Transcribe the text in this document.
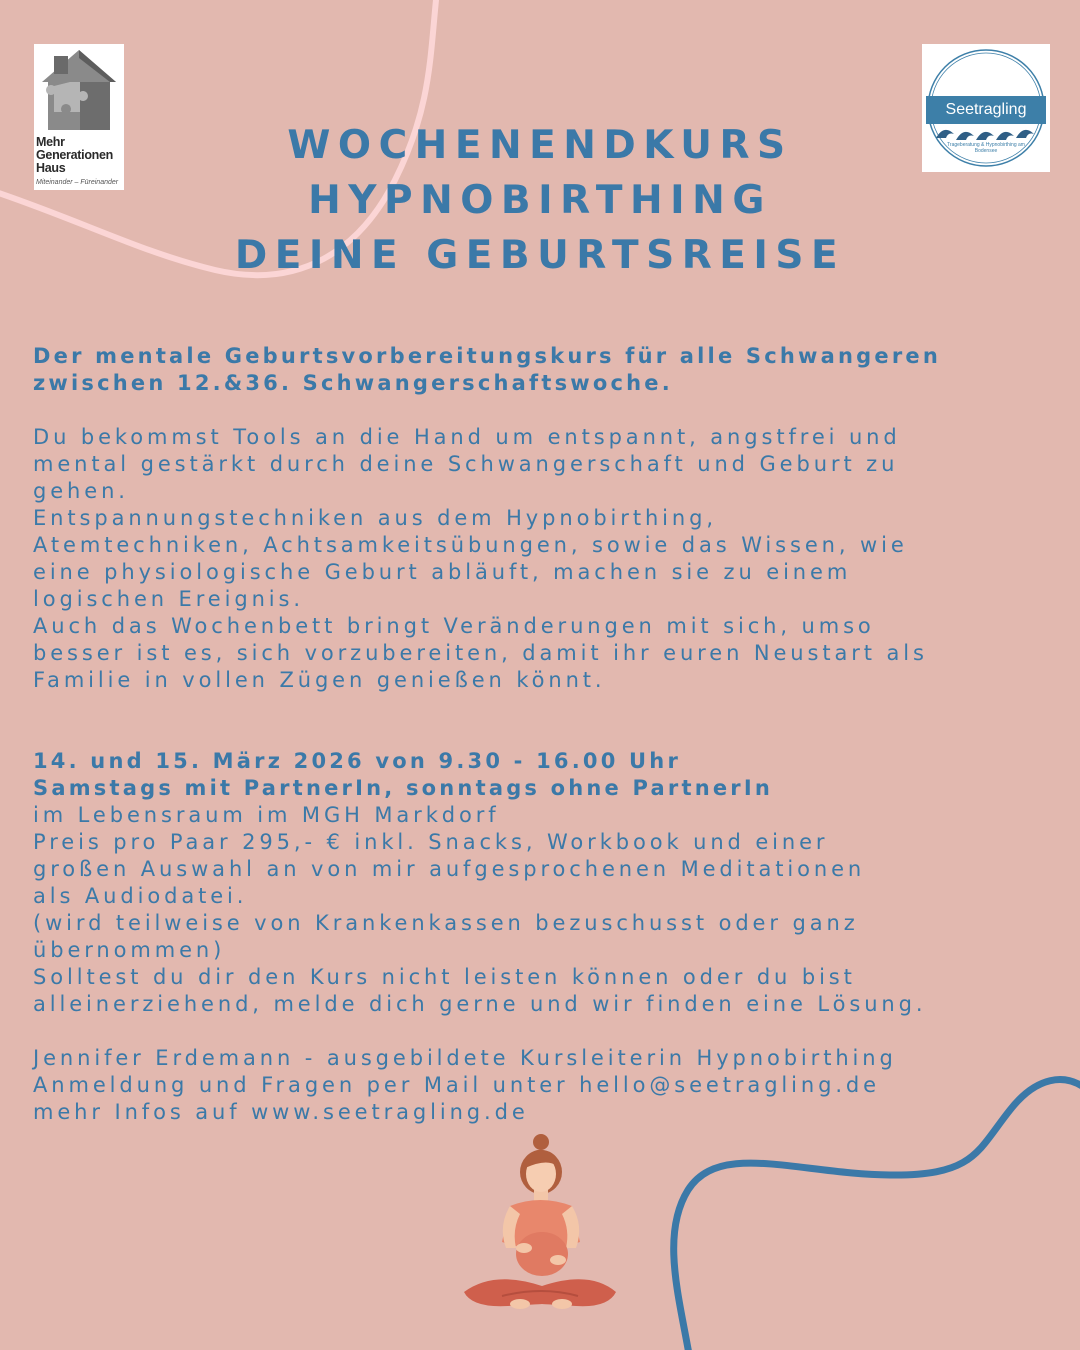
Mehr
Generationen
Haus
Miteinander – Füreinander
Seetragling
Trageberatung & Hypnobirthing am Bodensee
WOCHENENDKURS
HYPNOBIRTHING
DEINE GEBURTSREISE
Der mentale Geburtsvorbereitungskurs für alle Schwangeren
zwischen 12.&36. Schwangerschaftswoche.
Du bekommst Tools an die Hand um entspannt, angstfrei und
mental gestärkt durch deine Schwangerschaft und Geburt zu
gehen.
Entspannungstechniken aus dem Hypnobirthing,
Atemtechniken, Achtsamkeitsübungen, sowie das Wissen, wie
eine physiologische Geburt abläuft, machen sie zu einem
logischen Ereignis.
Auch das Wochenbett bringt Veränderungen mit sich, umso
besser ist es, sich vorzubereiten, damit ihr euren Neustart als
Familie in vollen Zügen genießen könnt.
14. und 15. März 2026 von 9.30 - 16.00 Uhr
Samstags mit PartnerIn, sonntags ohne PartnerIn
im Lebensraum im MGH Markdorf
Preis pro Paar 295,- € inkl. Snacks, Workbook und einer
großen Auswahl an von mir aufgesprochenen Meditationen
als Audiodatei.
(wird teilweise von Krankenkassen bezuschusst oder ganz
übernommen)
Solltest du dir den Kurs nicht leisten können oder du bist
alleinerziehend, melde dich gerne und wir finden eine Lösung.
Jennifer Erdemann - ausgebildete Kursleiterin Hypnobirthing
Anmeldung und Fragen per Mail unter hello@seetragling.de
mehr Infos auf www.seetragling.de
